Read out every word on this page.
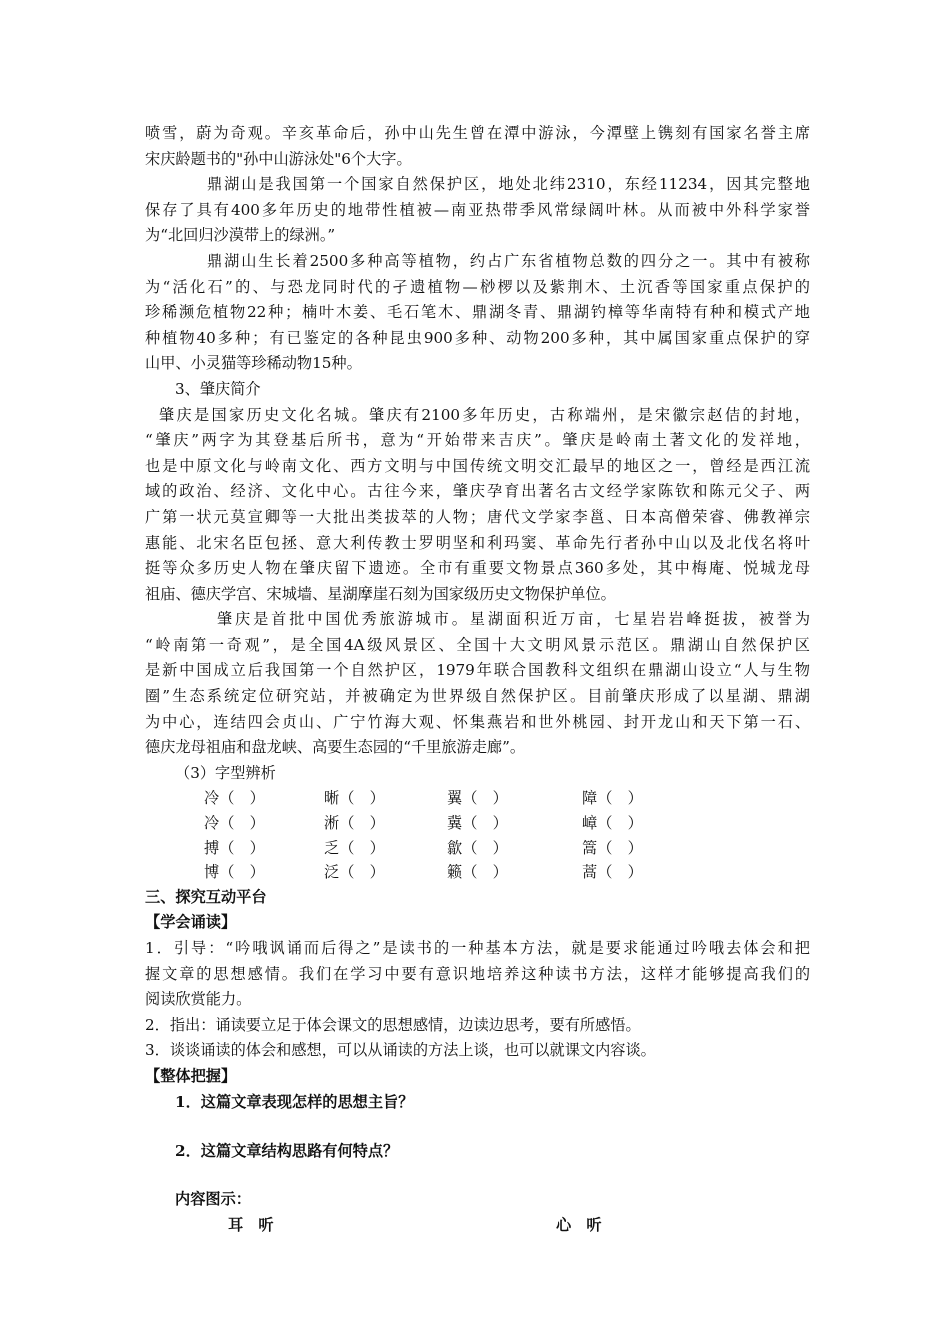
喷雪，蔚为奇观。辛亥革命后，孙中山先生曾在潭中游泳，今潭壁上镌刻有国家名誉主席
宋庆龄题书的"孙中山游泳处"6个大字。
鼎湖山是我国第一个国家自然保护区，地处北纬2310，东经11234，因其完整地
保存了具有400多年历史的地带性植被—南亚热带季风常绿阔叶林。从而被中外科学家誉
为“北回归沙漠带上的绿洲。”
鼎湖山生长着2500多种高等植物，约占广东省植物总数的四分之一。其中有被称
为“活化石”的、与恐龙同时代的孑遗植物—桫椤以及紫荆木、土沉香等国家重点保护的
珍稀濒危植物22种；楠叶木姜、毛石笔木、鼎湖冬青、鼎湖钓樟等华南特有种和模式产地
种植物40多种；有已鉴定的各种昆虫900多种、动物200多种，其中属国家重点保护的穿
山甲、小灵猫等珍稀动物15种。
3、肇庆简介
肇庆是国家历史文化名城。肇庆有2100多年历史，古称端州，是宋徽宗赵佶的封地，
“肇庆”两字为其登基后所书，意为“开始带来吉庆”。肇庆是岭南土著文化的发祥地，
也是中原文化与岭南文化、西方文明与中国传统文明交汇最早的地区之一，曾经是西江流
域的政治、经济、文化中心。古往今来，肇庆孕育出著名古文经学家陈钦和陈元父子、两
广第一状元莫宣卿等一大批出类拔萃的人物；唐代文学家李邕、日本高僧荣睿、佛教禅宗
惠能、北宋名臣包拯、意大利传教士罗明坚和利玛窦、革命先行者孙中山以及北伐名将叶
挺等众多历史人物在肇庆留下遗迹。全市有重要文物景点360多处，其中梅庵、悦城龙母
祖庙、德庆学宫、宋城墙、星湖摩崖石刻为国家级历史文物保护单位。
肇庆是首批中国优秀旅游城市。星湖面积近万亩，七星岩岩峰挺拔，被誉为
“岭南第一奇观”，是全国4A级风景区、全国十大文明风景示范区。鼎湖山自然保护区
是新中国成立后我国第一个自然护区，1979年联合国教科文组织在鼎湖山设立“人与生物
圈”生态系统定位研究站，并被确定为世界级自然保护区。目前肇庆形成了以星湖、鼎湖
为中心，连结四会贞山、广宁竹海大观、怀集燕岩和世外桃园、封开龙山和天下第一石、
德庆龙母祖庙和盘龙峡、高要生态园的“千里旅游走廊”。
（3）字型辨析
冷（　）	晰（　）	翼（　）	障（　）
冷（　）	淅（　）	冀（　）	嶂（　）
搏（　）	乏（　）	歙（　）	篙（　）
博（　）	泛（　）	籁（　）	蒿（　）
三、探究互动平台
【学会诵读】
1．引导：“吟哦讽诵而后得之”是读书的一种基本方法，就是要求能通过吟哦去体会和把
握文章的思想感情。我们在学习中要有意识地培养这种读书方法，这样才能够提高我们的
阅读欣赏能力。
2．指出：诵读要立足于体会课文的思想感情，边读边思考，要有所感悟。
3．谈谈诵读的体会和感想，可以从诵读的方法上谈，也可以就课文内容谈。
【整体把握】
1．这篇文章表现怎样的思想主旨？
2．这篇文章结构思路有何特点？
内容图示：
耳　听	心　听
